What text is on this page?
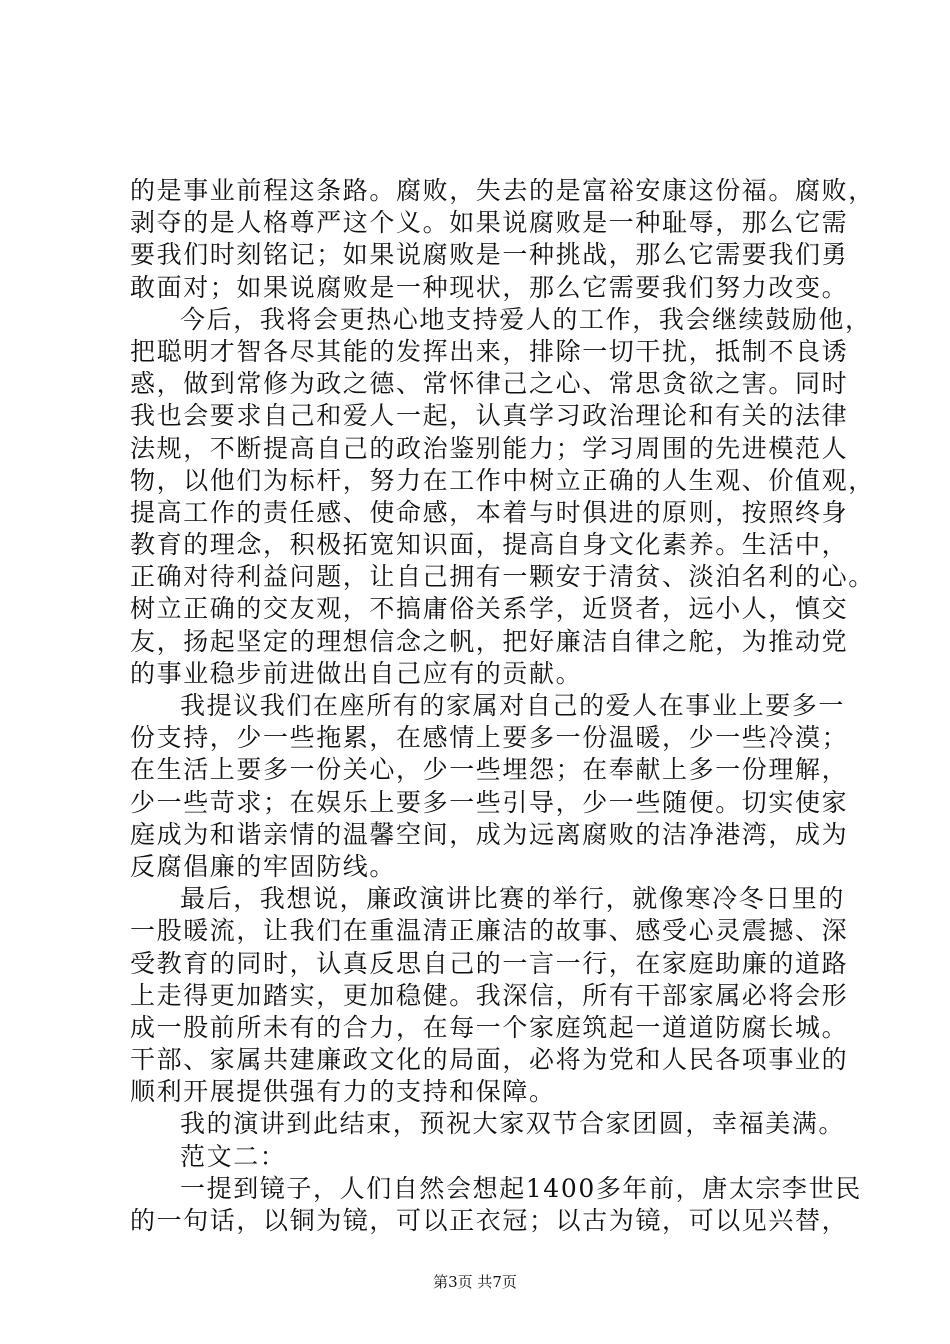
的是事业前程这条路。腐败，失去的是富裕安康这份福。腐败，
剥夺的是人格尊严这个义。如果说腐败是一种耻辱，那么它需
要我们时刻铭记；如果说腐败是一种挑战，那么它需要我们勇
敢面对；如果说腐败是一种现状，那么它需要我们努力改变。
今后，我将会更热心地支持爱人的工作，我会继续鼓励他，
把聪明才智各尽其能的发挥出来，排除一切干扰，抵制不良诱
惑，做到常修为政之德、常怀律己之心、常思贪欲之害。同时
我也会要求自己和爱人一起，认真学习政治理论和有关的法律
法规，不断提高自己的政治鉴别能力；学习周围的先进模范人
物，以他们为标杆，努力在工作中树立正确的人生观、价值观，
提高工作的责任感、使命感，本着与时俱进的原则，按照终身
教育的理念，积极拓宽知识面，提高自身文化素养。生活中，
正确对待利益问题，让自己拥有一颗安于清贫、淡泊名利的心。
树立正确的交友观，不搞庸俗关系学，近贤者，远小人，慎交
友，扬起坚定的理想信念之帆，把好廉洁自律之舵，为推动党
的事业稳步前进做出自己应有的贡献。
我提议我们在座所有的家属对自己的爱人在事业上要多一
份支持，少一些拖累，在感情上要多一份温暖，少一些冷漠；
在生活上要多一份关心，少一些埋怨；在奉献上多一份理解，
少一些苛求；在娱乐上要多一些引导，少一些随便。切实使家
庭成为和谐亲情的温馨空间，成为远离腐败的洁净港湾，成为
反腐倡廉的牢固防线。
最后，我想说，廉政演讲比赛的举行，就像寒冷冬日里的
一股暖流，让我们在重温清正廉洁的故事、感受心灵震撼、深
受教育的同时，认真反思自己的一言一行，在家庭助廉的道路
上走得更加踏实，更加稳健。我深信，所有干部家属必将会形
成一股前所未有的合力，在每一个家庭筑起一道道防腐长城。
干部、家属共建廉政文化的局面，必将为党和人民各项事业的
顺利开展提供强有力的支持和保障。
我的演讲到此结束，预祝大家双节合家团圆，幸福美满。
范文二：
一提到镜子，人们自然会想起1400多年前，唐太宗李世民
的一句话，以铜为镜，可以正衣冠；以古为镜，可以见兴替，
第3页 共7页
